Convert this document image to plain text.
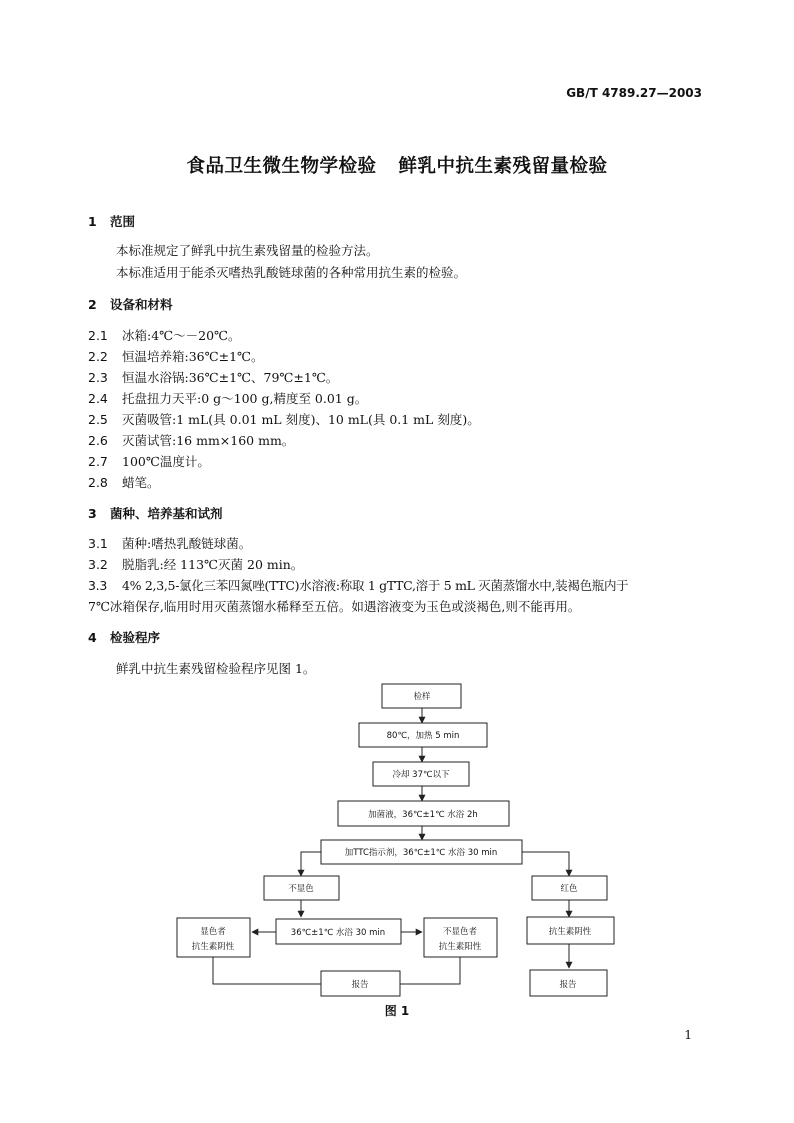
GB/T 4789.27—2003
食品卫生微生物学检验 鲜乳中抗生素残留量检验
1 范围
本标准规定了鲜乳中抗生素残留量的检验方法。
本标准适用于能杀灭嗜热乳酸链球菌的各种常用抗生素的检验。
2 设备和材料
2.1 冰箱:4℃～－20℃。
2.2 恒温培养箱:36℃±1℃。
2.3 恒温水浴锅:36℃±1℃、79℃±1℃。
2.4 托盘扭力天平:0 g～100 g,精度至 0.01 g。
2.5 灭菌吸管:1 mL(具 0.01 mL 刻度)、10 mL(具 0.1 mL 刻度)。
2.6 灭菌试管:16 mm×160 mm。
2.7 100℃温度计。
2.8 蜡笔。
3 菌种、培养基和试剂
3.1 菌种:嗜热乳酸链球菌。
3.2 脱脂乳:经 113℃灭菌 20 min。
3.3 4% 2,3,5-氯化三苯四氮唑(TTC)水溶液:称取 1 gTTC,溶于 5 mL 灭菌蒸馏水中,装褐色瓶内于
7℃冰箱保存,临用时用灭菌蒸馏水稀释至五倍。如遇溶液变为玉色或淡褐色,则不能再用。
4 检验程序
鲜乳中抗生素残留检验程序见图 1。
检样
80℃，加热 5 min
冷却 37℃以下
加菌液，36℃±1℃ 水浴 2h
加TTC指示剂，36℃±1℃ 水浴 30 min
不显色	红色
36℃±1℃ 水浴 30 min
显色者
抗生素阴性
不显色者
抗生素阳性
抗生素阴性
报告	报告
图 1
1
